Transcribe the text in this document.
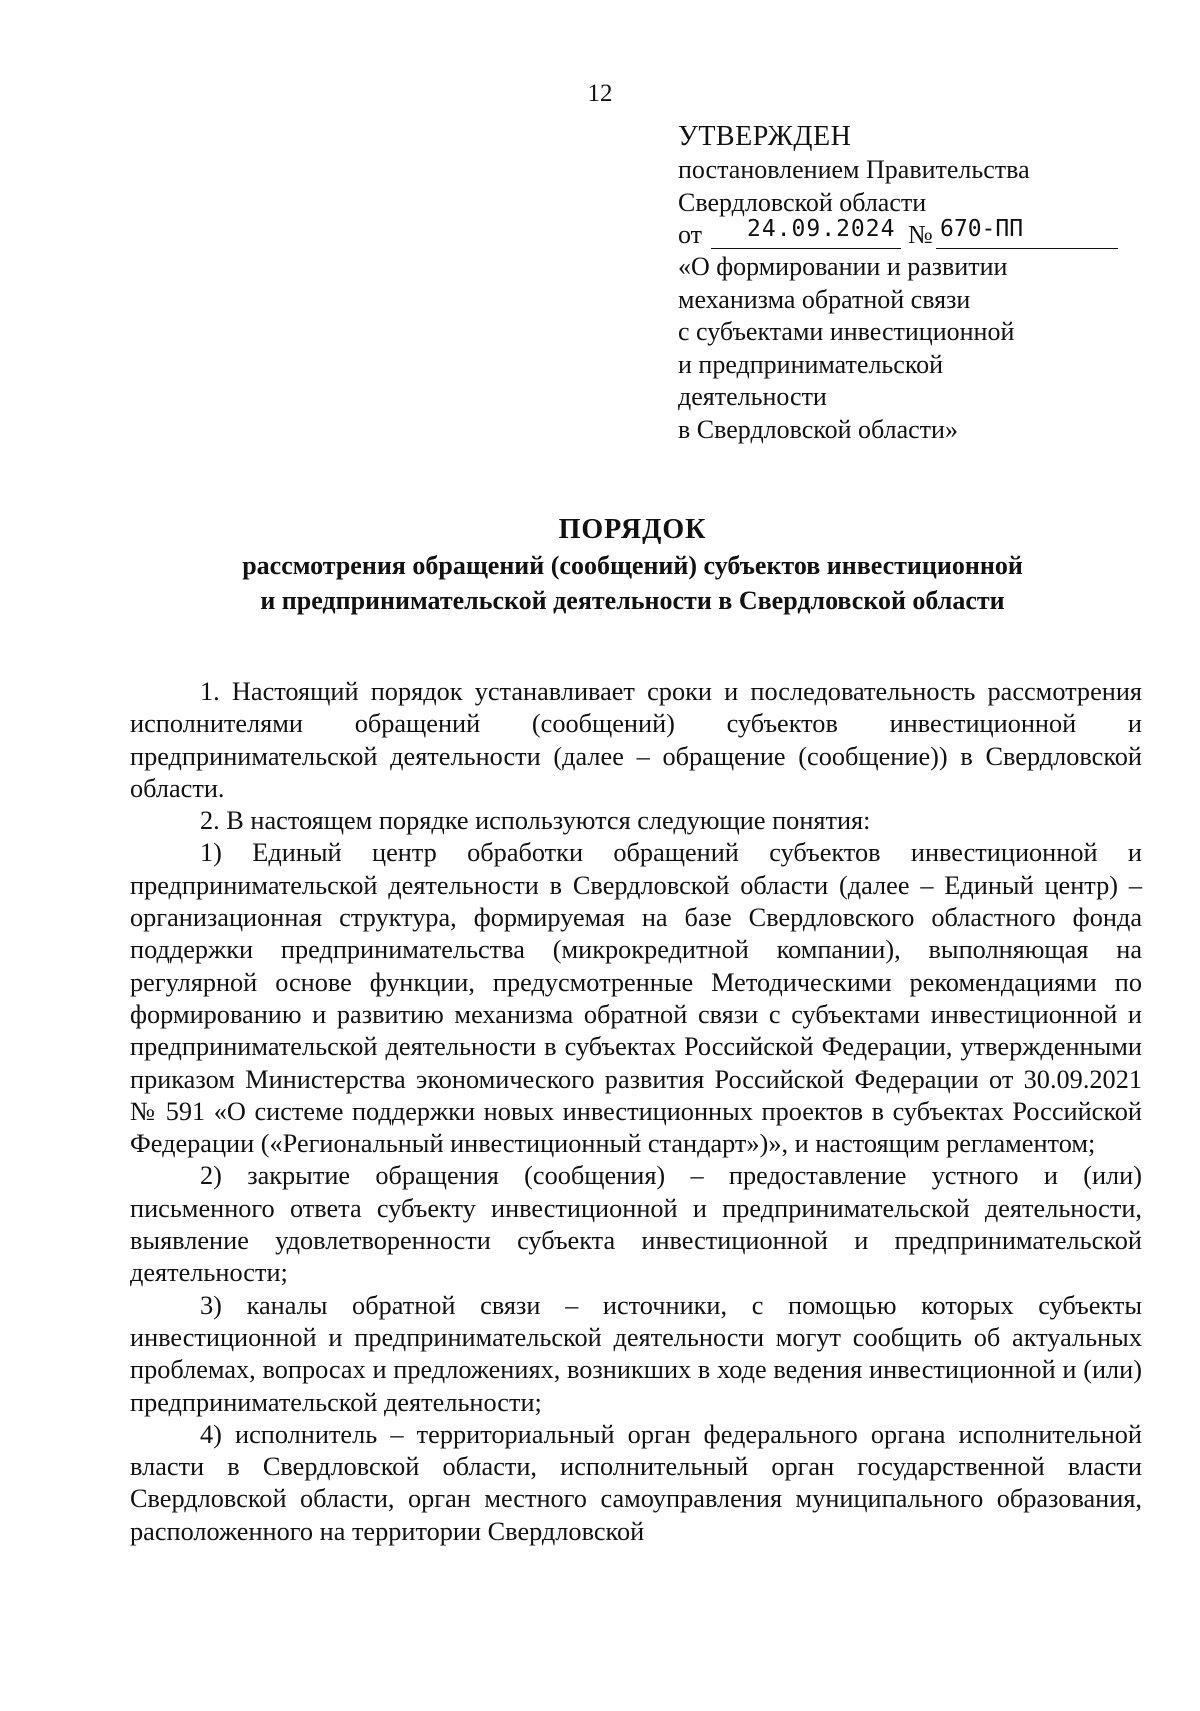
12
УТВЕРЖДЕН
постановлением Правительства
Свердловской области
от 24.09.2024 № 670-ПП
«О формировании и развитии
механизма обратной связи
с субъектами инвестиционной
и предпринимательской
деятельности
в Свердловской области»
ПОРЯДОК
рассмотрения обращений (сообщений) субъектов инвестиционной
и предпринимательской деятельности в Свердловской области

1. Настоящий порядок устанавливает сроки и последовательность рассмотрения исполнителями обращений (сообщений) субъектов инвестиционной и предпринимательской деятельности (далее – обращение (сообщение)) в Свердловской области.

2. В настоящем порядке используются следующие понятия:

1) Единый центр обработки обращений субъектов инвестиционной и предпринимательской деятельности в Свердловской области (далее – Единый центр) – организационная структура, формируемая на базе Свердловского областного фонда поддержки предпринимательства (микрокредитной компании), выполняющая на регулярной основе функции, предусмотренные Методическими рекомендациями по формированию и развитию механизма обратной связи с субъектами инвестиционной и предпринимательской деятельности в субъектах Российской Федерации, утвержденными приказом Министерства экономического развития Российской Федерации от 30.09.2021 № 591 «О системе поддержки новых инвестиционных проектов в субъектах Российской Федерации («Региональный инвестиционный стандарт»)», и настоящим регламентом;

2) закрытие обращения (сообщения) – предоставление устного и (или) письменного ответа субъекту инвестиционной и предпринимательской деятельности, выявление удовлетворенности субъекта инвестиционной и предпринимательской деятельности;

3) каналы обратной связи – источники, с помощью которых субъекты инвестиционной и предпринимательской деятельности могут сообщить об актуальных проблемах, вопросах и предложениях, возникших в ходе ведения инвестиционной и (или) предпринимательской деятельности;

4) исполнитель – территориальный орган федерального органа исполнительной власти в Свердловской области, исполнительный орган государственной власти Свердловской области, орган местного самоуправления муниципального образования, расположенного на территории Свердловской
